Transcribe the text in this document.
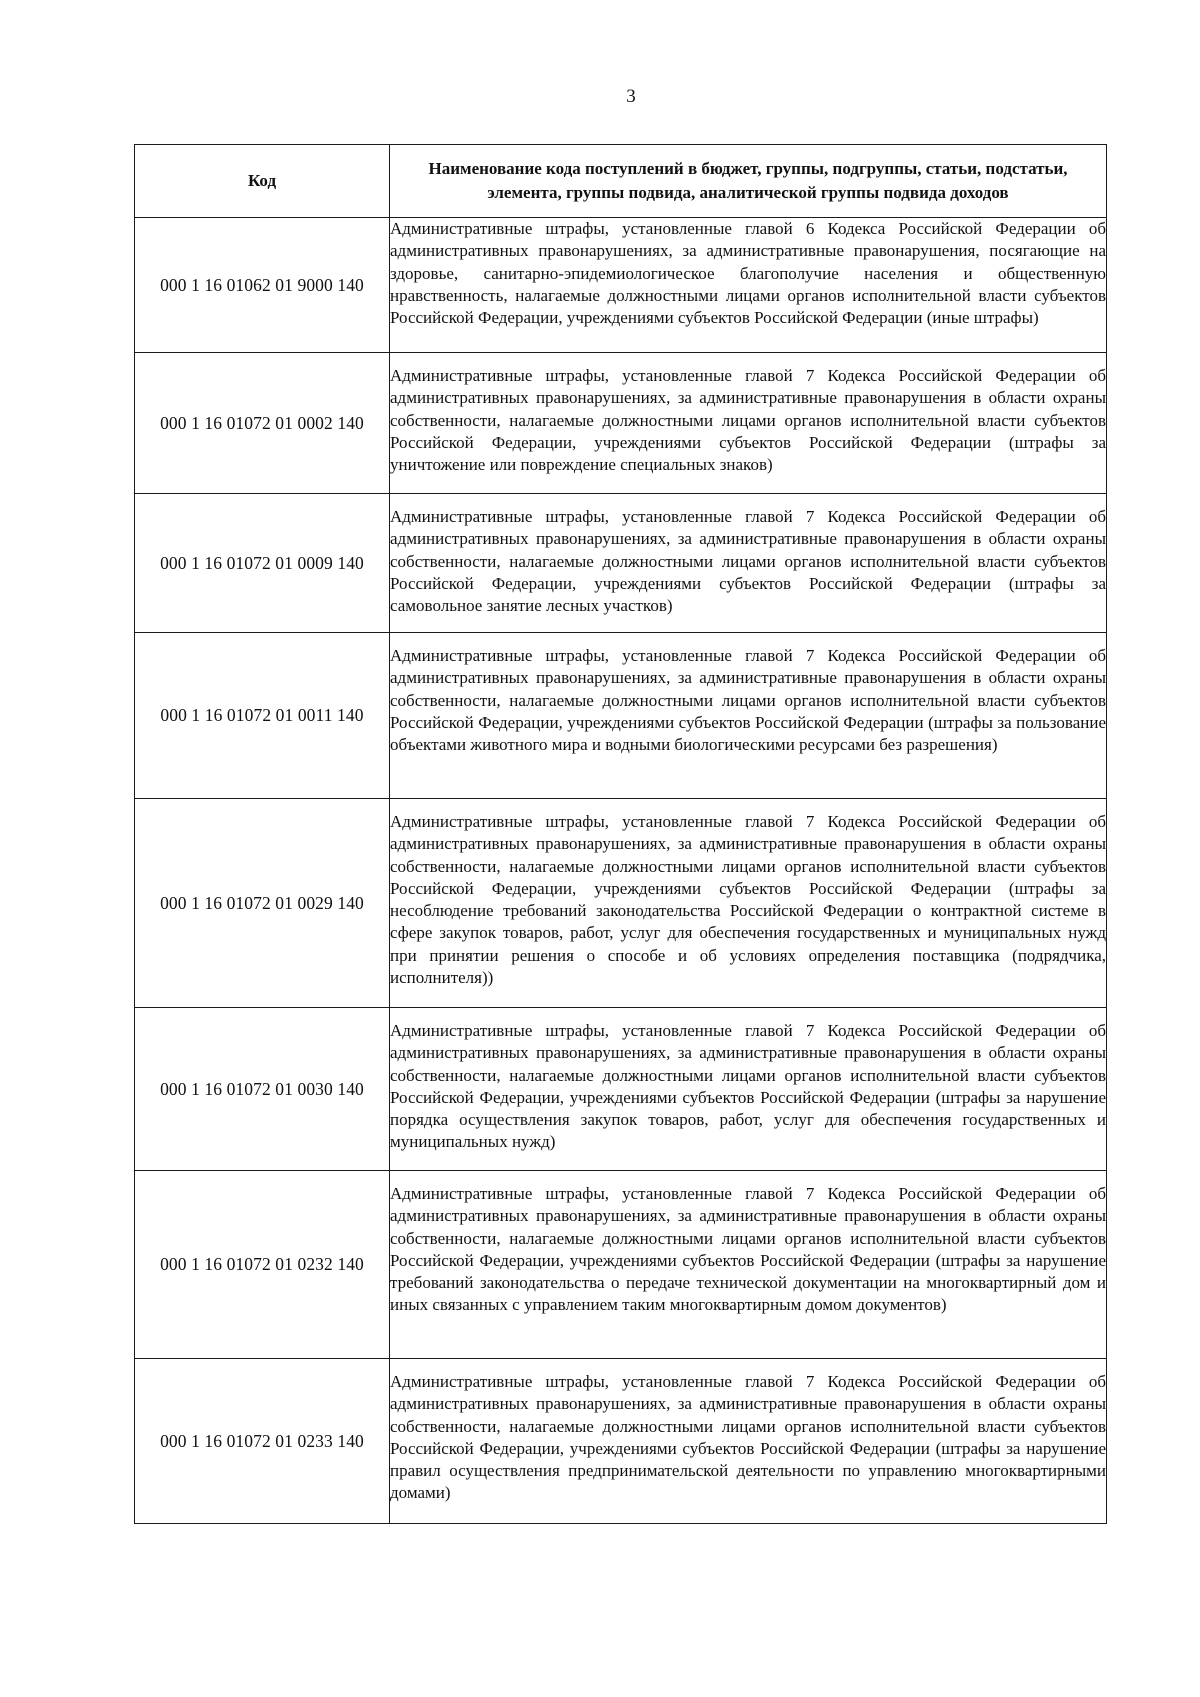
3
Код	Наименование кода поступлений в бюджет, группы, подгруппы, статьи, подстатьи, элемента, группы подвида, аналитической группы подвида доходов
000 1 16 01062 01 9000 140	Административные штрафы, установленные главой 6 Кодекса Российской Федерации об административных правонарушениях, за административные правонарушения, посягающие на здоровье, санитарно-эпидемиологическое благополучие населения и общественную нравственность, налагаемые должностными лицами органов исполнительной власти субъектов Российской Федерации, учреждениями субъектов Российской Федерации (иные штрафы)
000 1 16 01072 01 0002 140	Административные штрафы, установленные главой 7 Кодекса Российской Федерации об административных правонарушениях, за административные правонарушения в области охраны собственности, налагаемые должностными лицами органов исполнительной власти субъектов Российской Федерации, учреждениями субъектов Российской Федерации (штрафы за уничтожение или повреждение специальных знаков)
000 1 16 01072 01 0009 140	Административные штрафы, установленные главой 7 Кодекса Российской Федерации об административных правонарушениях, за административные правонарушения в области охраны собственности, налагаемые должностными лицами органов исполнительной власти субъектов Российской Федерации, учреждениями субъектов Российской Федерации (штрафы за самовольное занятие лесных участков)
000 1 16 01072 01 0011 140	Административные штрафы, установленные главой 7 Кодекса Российской Федерации об административных правонарушениях, за административные правонарушения в области охраны собственности, налагаемые должностными лицами органов исполнительной власти субъектов Российской Федерации, учреждениями субъектов Российской Федерации (штрафы за пользование объектами животного мира и водными биологическими ресурсами без разрешения)
000 1 16 01072 01 0029 140	Административные штрафы, установленные главой 7 Кодекса Российской Федерации об административных правонарушениях, за административные правонарушения в области охраны собственности, налагаемые должностными лицами органов исполнительной власти субъектов Российской Федерации, учреждениями субъектов Российской Федерации (штрафы за несоблюдение требований законодательства Российской Федерации о контрактной системе в сфере закупок товаров, работ, услуг для обеспечения государственных и муниципальных нужд при принятии решения о способе и об условиях определения поставщика (подрядчика, исполнителя))
000 1 16 01072 01 0030 140	Административные штрафы, установленные главой 7 Кодекса Российской Федерации об административных правонарушениях, за административные правонарушения в области охраны собственности, налагаемые должностными лицами органов исполнительной власти субъектов Российской Федерации, учреждениями субъектов Российской Федерации (штрафы за нарушение порядка осуществления закупок товаров, работ, услуг для обеспечения государственных и муниципальных нужд)
000 1 16 01072 01 0232 140	Административные штрафы, установленные главой 7 Кодекса Российской Федерации об административных правонарушениях, за административные правонарушения в области охраны собственности, налагаемые должностными лицами органов исполнительной власти субъектов Российской Федерации, учреждениями субъектов Российской Федерации (штрафы за нарушение требований законодательства о передаче технической документации на многоквартирный дом и иных связанных с управлением таким многоквартирным домом документов)
000 1 16 01072 01 0233 140	Административные штрафы, установленные главой 7 Кодекса Российской Федерации об административных правонарушениях, за административные правонарушения в области охраны собственности, налагаемые должностными лицами органов исполнительной власти субъектов Российской Федерации, учреждениями субъектов Российской Федерации (штрафы за нарушение правил осуществления предпринимательской деятельности по управлению многоквартирными домами)
